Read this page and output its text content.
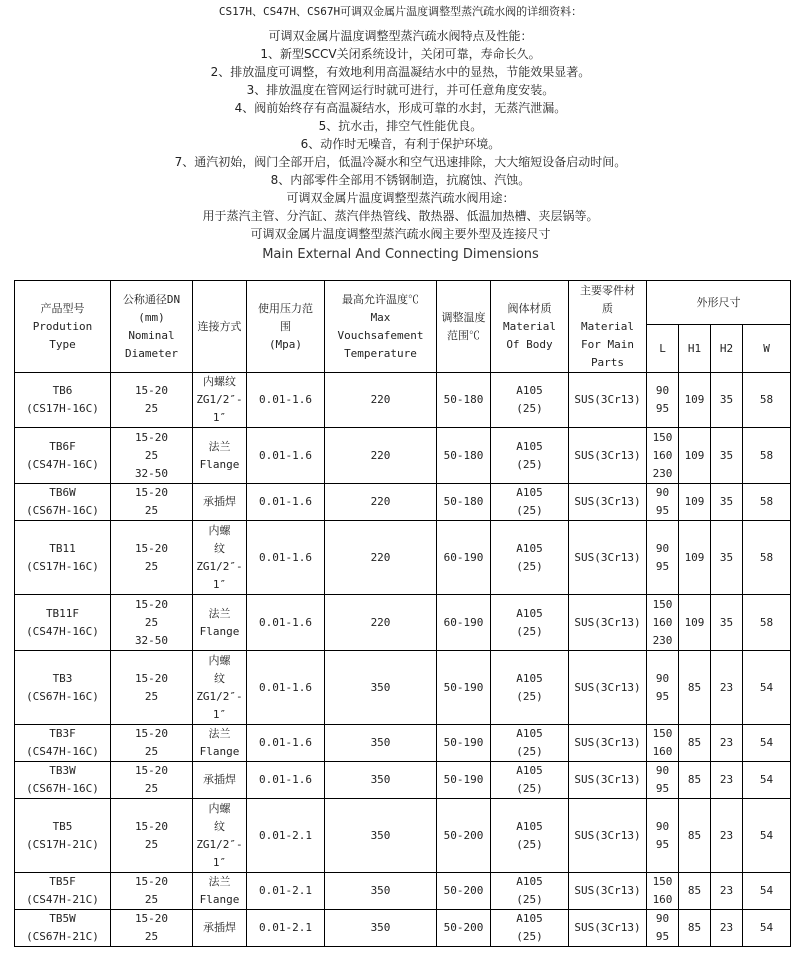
CS17H、CS47H、CS67H可调双金属片温度调整型蒸汽疏水阀的详细资料：
可调双金属片温度调整型蒸汽疏水阀特点及性能：
1、新型SCCV关闭系统设计，关闭可靠，寿命长久。
2、排放温度可调整，有效地利用高温凝结水中的显热，节能效果显著。
3、排放温度在管网运行时就可进行，并可任意角度安装。
4、阀前始终存有高温凝结水，形成可靠的水封，无蒸汽泄漏。
5、抗水击，排空气性能优良。
6、动作时无噪音，有利于保护环境。
7、通汽初始，阀门全部开启，低温冷凝水和空气迅速排除，大大缩短设备启动时间。
8、内部零件全部用不锈钢制造，抗腐蚀、汽蚀。
可调双金属片温度调整型蒸汽疏水阀用途：
用于蒸汽主管、分汽缸、蒸汽伴热管线、散热器、低温加热槽、夹层锅等。
可调双金属片温度调整型蒸汽疏水阀主要外型及连接尺寸
Main External And Connecting Dimensions
产品型号
Prodution
Type	公称通径DN
(mm)
Nominal
Diameter	连接方式	使用压力范
围
(Mpa)	最高允许温度℃
Max
Vouchsafement
Temperature	调整温度
范围℃	阀体材质
Material
Of Body	主要零件材
质
Material
For Main
Parts	外形尺寸			
								L	H1	H2	W

TB6
(CS17H-16C)	15-20
25	内螺纹
ZG1/2″-
1″	0.01-1.6	220	50-180	A105
(25)	SUS(3Cr13)	90
95	109	35	58

TB6F
(CS47H-16C)	15-20
25
32-50	法兰
Flange	0.01-1.6	220	50-180	A105
(25)	SUS(3Cr13)	150
160
230	109	35	58

TB6W
(CS67H-16C)	15-20
25	承插焊	0.01-1.6	220	50-180	A105
(25)	SUS(3Cr13)	90
95	109	35	58

TB11
(CS17H-16C)	15-20
25	内螺
纹
ZG1/2″-
1″	0.01-1.6	220	60-190	A105
(25)	SUS(3Cr13)	90
95	109	35	58

TB11F
(CS47H-16C)	15-20
25
32-50	法兰
Flange	0.01-1.6	220	60-190	A105
(25)	SUS(3Cr13)	150
160
230	109	35	58

TB3
(CS67H-16C)	15-20
25	内螺
纹
ZG1/2″-
1″	0.01-1.6	350	50-190	A105
(25)	SUS(3Cr13)	90
95	85	23	54

TB3F
(CS47H-16C)	15-20
25	法兰
Flange	0.01-1.6	350	50-190	A105
(25)	SUS(3Cr13)	150
160	85	23	54

TB3W
(CS67H-16C)	15-20
25	承插焊	0.01-1.6	350	50-190	A105
(25)	SUS(3Cr13)	90
95	85	23	54

TB5
(CS17H-21C)	15-20
25	内螺
纹
ZG1/2″-
1″	0.01-2.1	350	50-200	A105
(25)	SUS(3Cr13)	90
95	85	23	54

TB5F
(CS47H-21C)	15-20
25	法兰
Flange	0.01-2.1	350	50-200	A105
(25)	SUS(3Cr13)	150
160	85	23	54

TB5W
(CS67H-21C)	15-20
25	承插焊	0.01-2.1	350	50-200	A105
(25)	SUS(3Cr13)	90
95	85	23	54
